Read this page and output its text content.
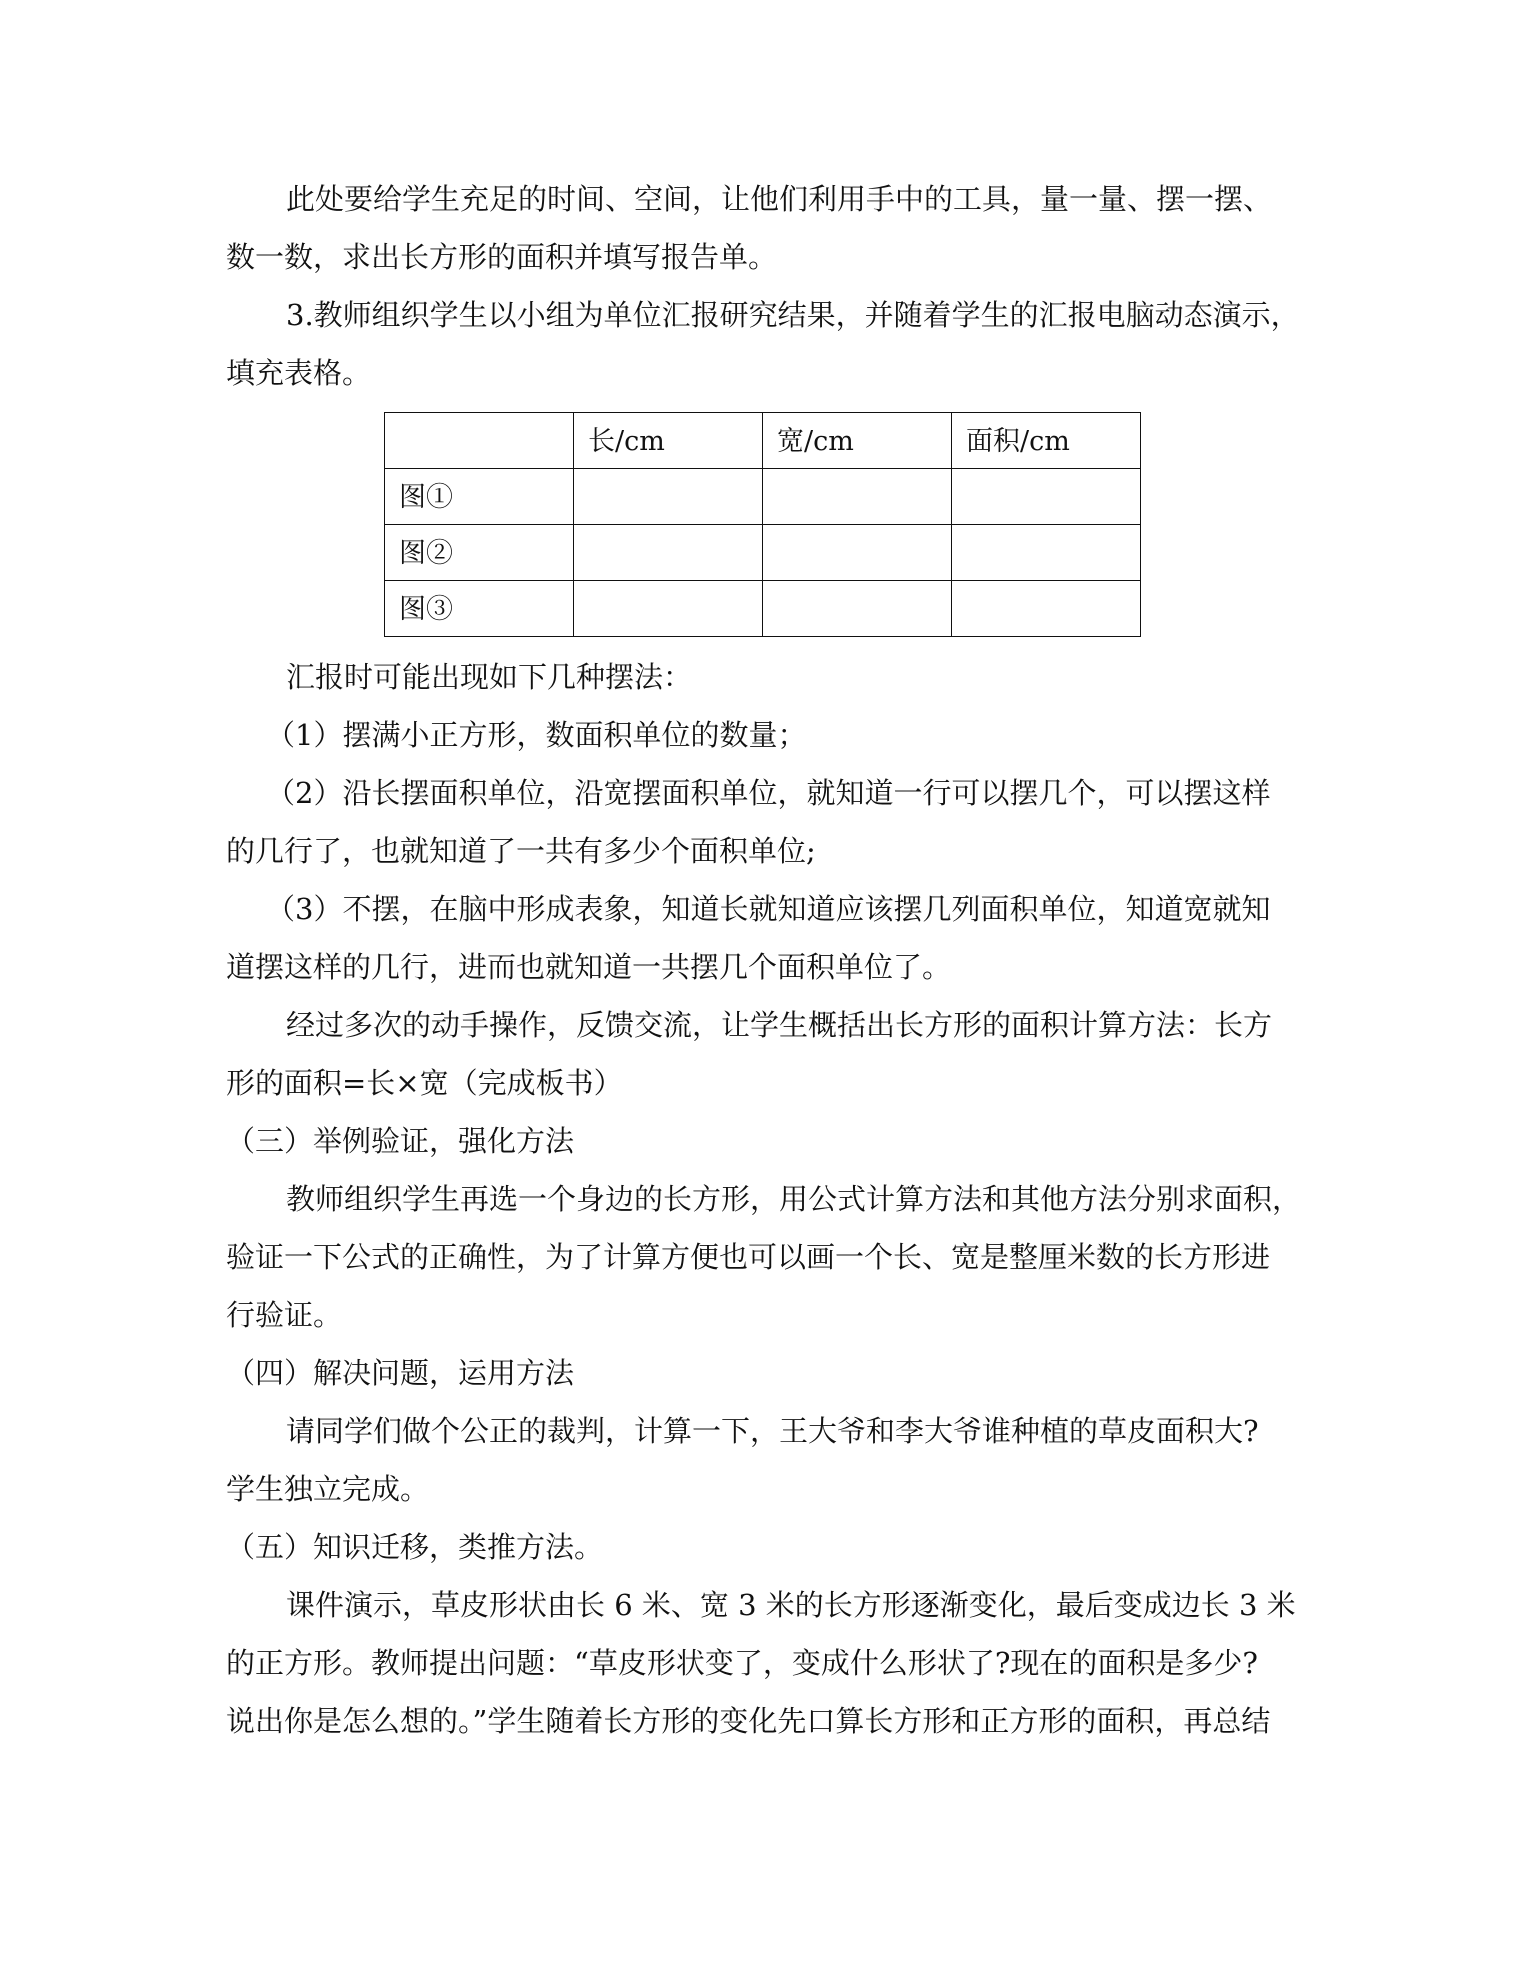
此处要给学生充足的时间、空间，让他们利用手中的工具，量一量、摆一摆、
数一数，求出长方形的面积并填写报告单。
3.教师组织学生以小组为单位汇报研究结果，并随着学生的汇报电脑动态演示，
填充表格。
	长/cm	宽/cm	面积/cm
图①			
图②			
图③			
汇报时可能出现如下几种摆法：
（1）摆满小正方形，数面积单位的数量；
（2）沿长摆面积单位，沿宽摆面积单位，就知道一行可以摆几个，可以摆这样
的几行了，也就知道了一共有多少个面积单位;
（3）不摆，在脑中形成表象，知道长就知道应该摆几列面积单位，知道宽就知
道摆这样的几行，进而也就知道一共摆几个面积单位了。
经过多次的动手操作，反馈交流，让学生概括出长方形的面积计算方法：长方
形的面积=长×宽（完成板书）
（三）举例验证，强化方法
教师组织学生再选一个身边的长方形，用公式计算方法和其他方法分别求面积，
验证一下公式的正确性，为了计算方便也可以画一个长、宽是整厘米数的长方形进
行验证。
（四）解决问题，运用方法
请同学们做个公正的裁判，计算一下，王大爷和李大爷谁种植的草皮面积大?
学生独立完成。
（五）知识迁移，类推方法。
课件演示，草皮形状由长 6 米、宽 3 米的长方形逐渐变化，最后变成边长 3 米
的正方形。教师提出问题：“草皮形状变了，变成什么形状了?现在的面积是多少?
说出你是怎么想的。”学生随着长方形的变化先口算长方形和正方形的面积，再总结
